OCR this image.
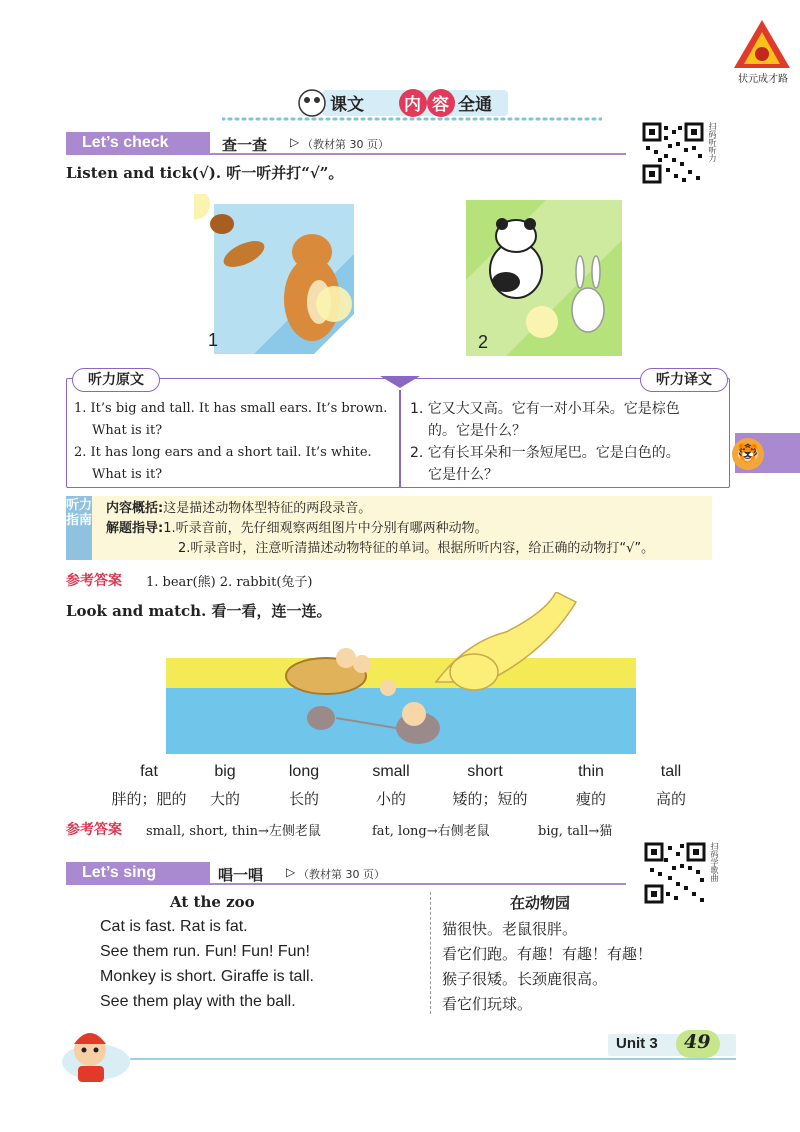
状元成才路
课文 内 容 全通
Let’s check	查一查 ▷ （教材第 30 页）	扫码听听力
Listen and tick(√). 听一听并打“√”。
1	2
听力原文	听力译文
1. It’s big and tall. It has small ears. It’s brown.
What is it?
2. It has long ears and a short tail. It’s white.
What is it?
1. 它又大又高。它有一对小耳朵。它是棕色
的。它是什么？
2. 它有长耳朵和一条短尾巴。它是白色的。
它是什么？
🐯
听力指南
内容概括:这是描述动物体型特征的两段录音。
解题指导:1.听录音前，先仔细观察两组图片中分别有哪两种动物。
2.听录音时，注意听清描述动物特征的单词。根据所听内容，给正确的动物打“√”。
参考答案 1. bear(熊) 2. rabbit(兔子)
Look and match. 看一看，连一连。
fat	big	long	small	short	thin	tall
胖的；肥的	大的	长的	小的	矮的；短的	瘦的	高的
参考答案 small, short, thin→左侧老鼠	fat, long→右侧老鼠	big, tall→猫
Let’s sing	唱一唱 ▷ （教材第 30 页）	扫码学歌曲
At the zoo	在动物园
Cat is fast. Rat is fat.
See them run. Fun! Fun! Fun!
Monkey is short. Giraffe is tall.
See them play with the ball.
猫很快。老鼠很胖。
看它们跑。有趣！有趣！有趣！
猴子很矮。长颈鹿很高。
看它们玩球。
Unit 3 49
